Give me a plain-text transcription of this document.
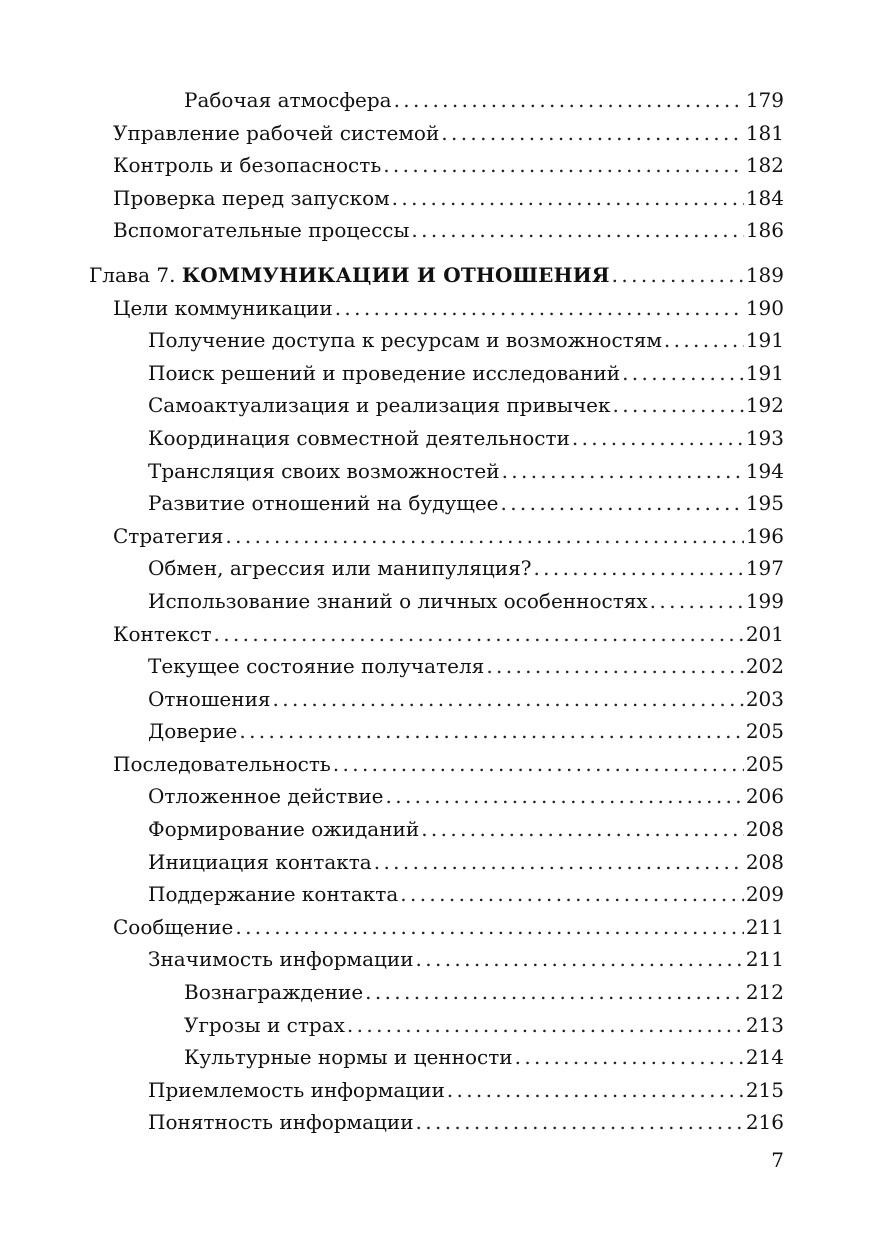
Рабочая атмосфера . . .	179
Управление рабочей системой . . .	181
Контроль и безопасность . . .	182
Проверка перед запуском . . .	184
Вспомогательные процессы . . .	186
Глава 7. КОММУНИКАЦИИ И ОТНОШЕНИЯ . . .	189
Цели коммуникации . . .	190
Получение доступа к ресурсам и возможностям . . .	191
Поиск решений и проведение исследований . . .	191
Самоактуализация и реализация привычек . . .	192
Координация совместной деятельности . . .	193
Трансляция своих возможностей . . .	194
Развитие отношений на будущее . . .	195
Стратегия . . .	196
Обмен, агрессия или манипуляция? . . .	197
Использование знаний о личных особенностях . . .	199
Контекст . . .	201
Текущее состояние получателя . . .	202
Отношения . . .	203
Доверие . . .	205
Последовательность . . .	205
Отложенное действие . . .	206
Формирование ожиданий . . .	208
Инициация контакта . . .	208
Поддержание контакта . . .	209
Сообщение . . .	211
Значимость информации . . .	211
Вознаграждение . . .	212
Угрозы и страх . . .	213
Культурные нормы и ценности . . .	214
Приемлемость информации . . .	215
Понятность информации . . .	216
7
